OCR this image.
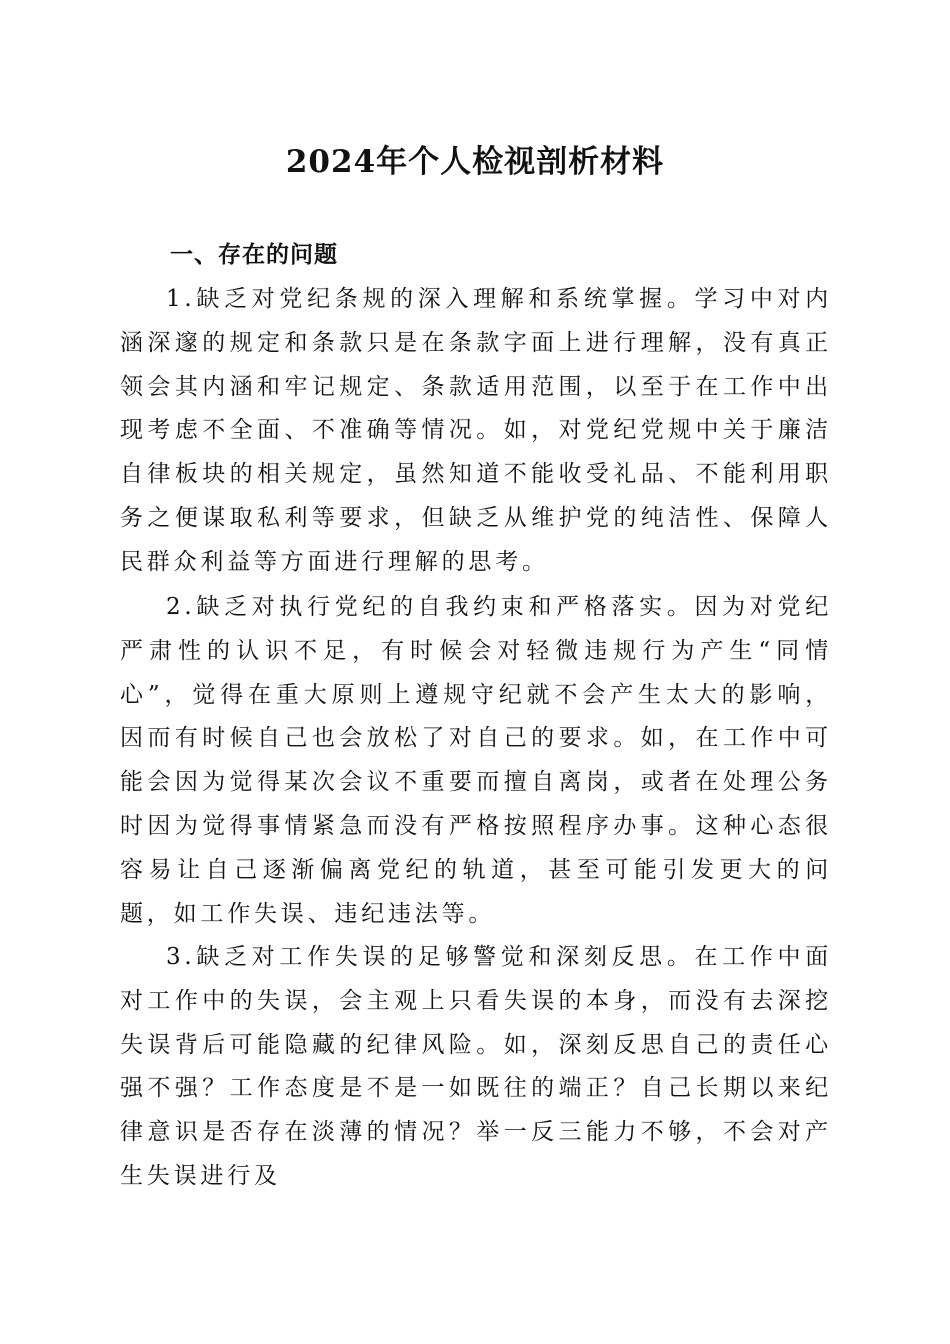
2024年个人检视剖析材料
一、存在的问题

1.缺乏对党纪条规的深入理解和系统掌握。学习中对内涵深邃的规定和条款只是在条款字面上进行理解，没有真正领会其内涵和牢记规定、条款适用范围，以至于在工作中出现考虑不全面、不准确等情况。如，对党纪党规中关于廉洁自律板块的相关规定，虽然知道不能收受礼品、不能利用职务之便谋取私利等要求，但缺乏从维护党的纯洁性、保障人民群众利益等方面进行理解的思考。

2.缺乏对执行党纪的自我约束和严格落实。因为对党纪严肃性的认识不足，有时候会对轻微违规行为产生“同情心”，觉得在重大原则上遵规守纪就不会产生太大的影响，因而有时候自己也会放松了对自己的要求。如，在工作中可能会因为觉得某次会议不重要而擅自离岗，或者在处理公务时因为觉得事情紧急而没有严格按照程序办事。这种心态很容易让自己逐渐偏离党纪的轨道，甚至可能引发更大的问题，如工作失误、违纪违法等。

3.缺乏对工作失误的足够警觉和深刻反思。在工作中面对工作中的失误，会主观上只看失误的本身，而没有去深挖失误背后可能隐藏的纪律风险。如，深刻反思自己的责任心强不强？工作态度是不是一如既往的端正？自己长期以来纪律意识是否存在淡薄的情况？举一反三能力不够，不会对产生失误进行及
